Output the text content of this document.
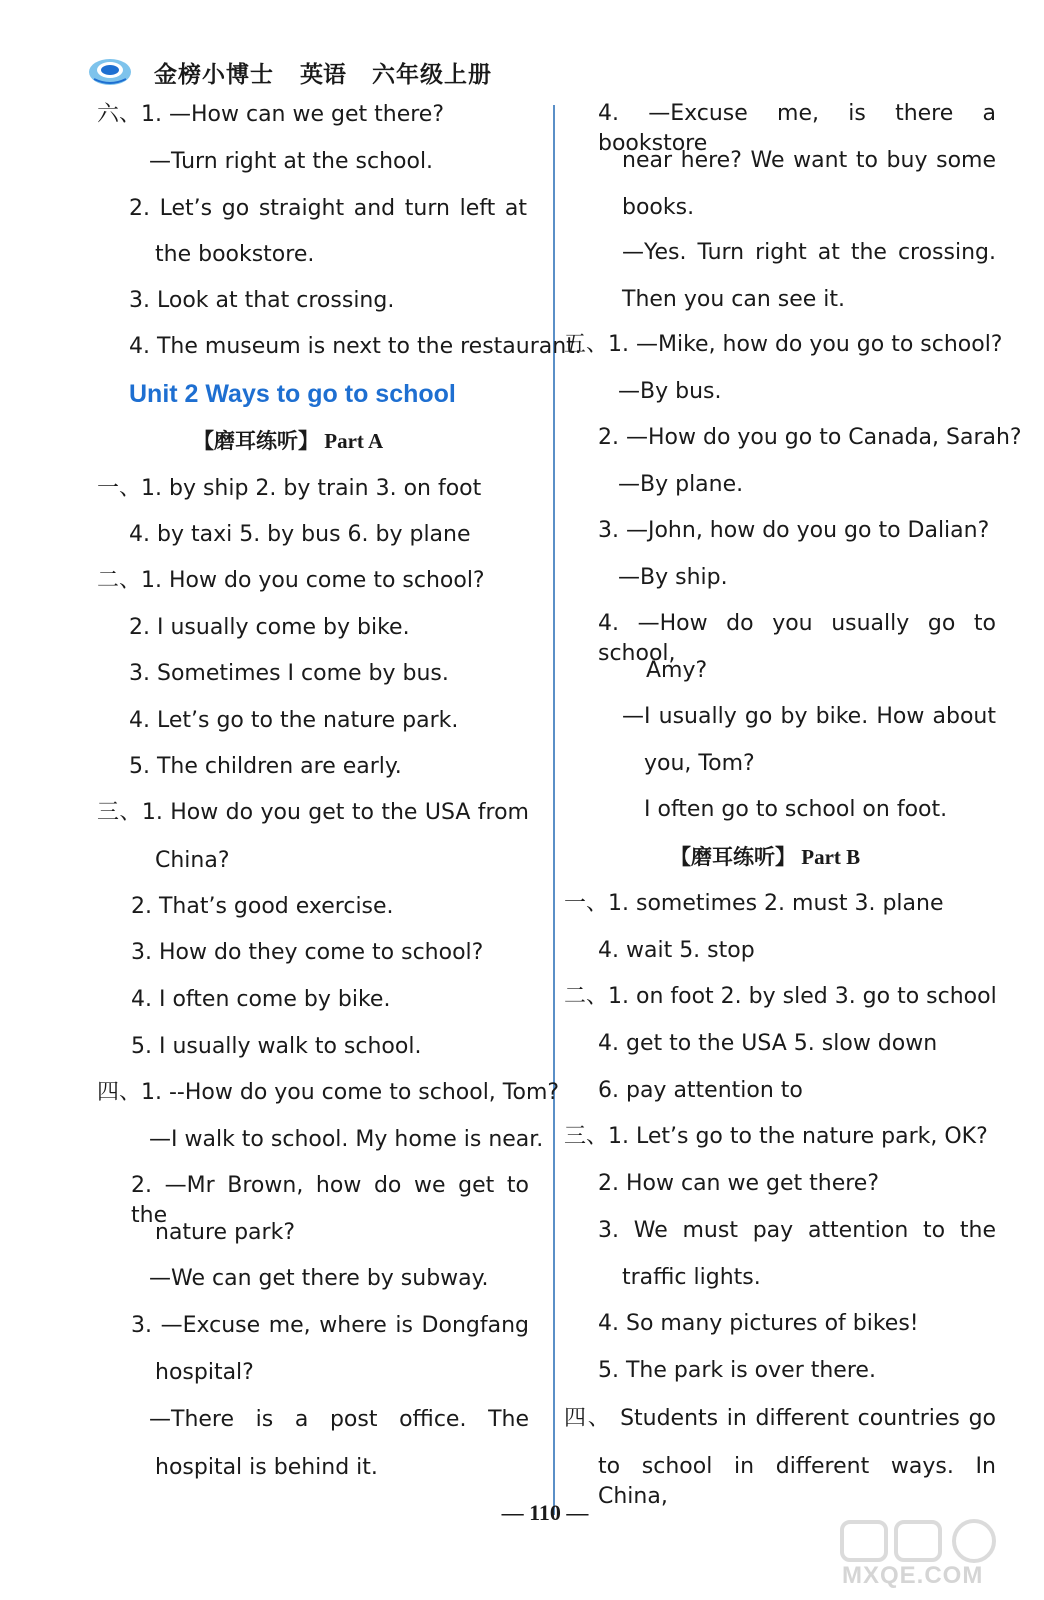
金榜小博士 英语 六年级上册
六、1. —How can we get there?
—Turn right at the school.
2. Let’s go straight and turn left at
the bookstore.
3. Look at that crossing.
4. The museum is next to the restaurant.
Unit 2 Ways to go to school
【磨耳练听】 Part A
一、1. by ship 2. by train 3. on foot
4. by taxi 5. by bus 6. by plane
二、1. How do you come to school?
2. I usually come by bike.
3. Sometimes I come by bus.
4. Let’s go to the nature park.
5. The children are early.
三、1. How do you get to the USA from
China?
2. That’s good exercise.
3. How do they come to school?
4. I often come by bike.
5. I usually walk to school.
四、1. --How do you come to school, Tom?
—I walk to school. My home is near.
2. —Mr Brown, how do we get to the
nature park?
—We can get there by subway.
3. —Excuse me, where is Dongfang
hospital?
—There is a post office. The
hospital is behind it.
4. —Excuse me, is there a bookstore
near here? We want to buy some
books.
—Yes. Turn right at the crossing.
Then you can see it.
五、1. —Mike, how do you go to school?
—By bus.
2. —How do you go to Canada, Sarah?
—By plane.
3. —John, how do you go to Dalian?
—By ship.
4. —How do you usually go to school,
Amy?
—I usually go by bike. How about
you, Tom?
I often go to school on foot.
【磨耳练听】 Part B
一、1. sometimes 2. must 3. plane
4. wait 5. stop
二、1. on foot 2. by sled 3. go to school
4. get to the USA 5. slow down
6. pay attention to
三、1. Let’s go to the nature park, OK?
2. How can we get there?
3. We must pay attention to the
traffic lights.
4. So many pictures of bikes!
5. The park is over there.
四、 Students in different countries go
to school in different ways. In China,
— 110 —
MXQE.COM
